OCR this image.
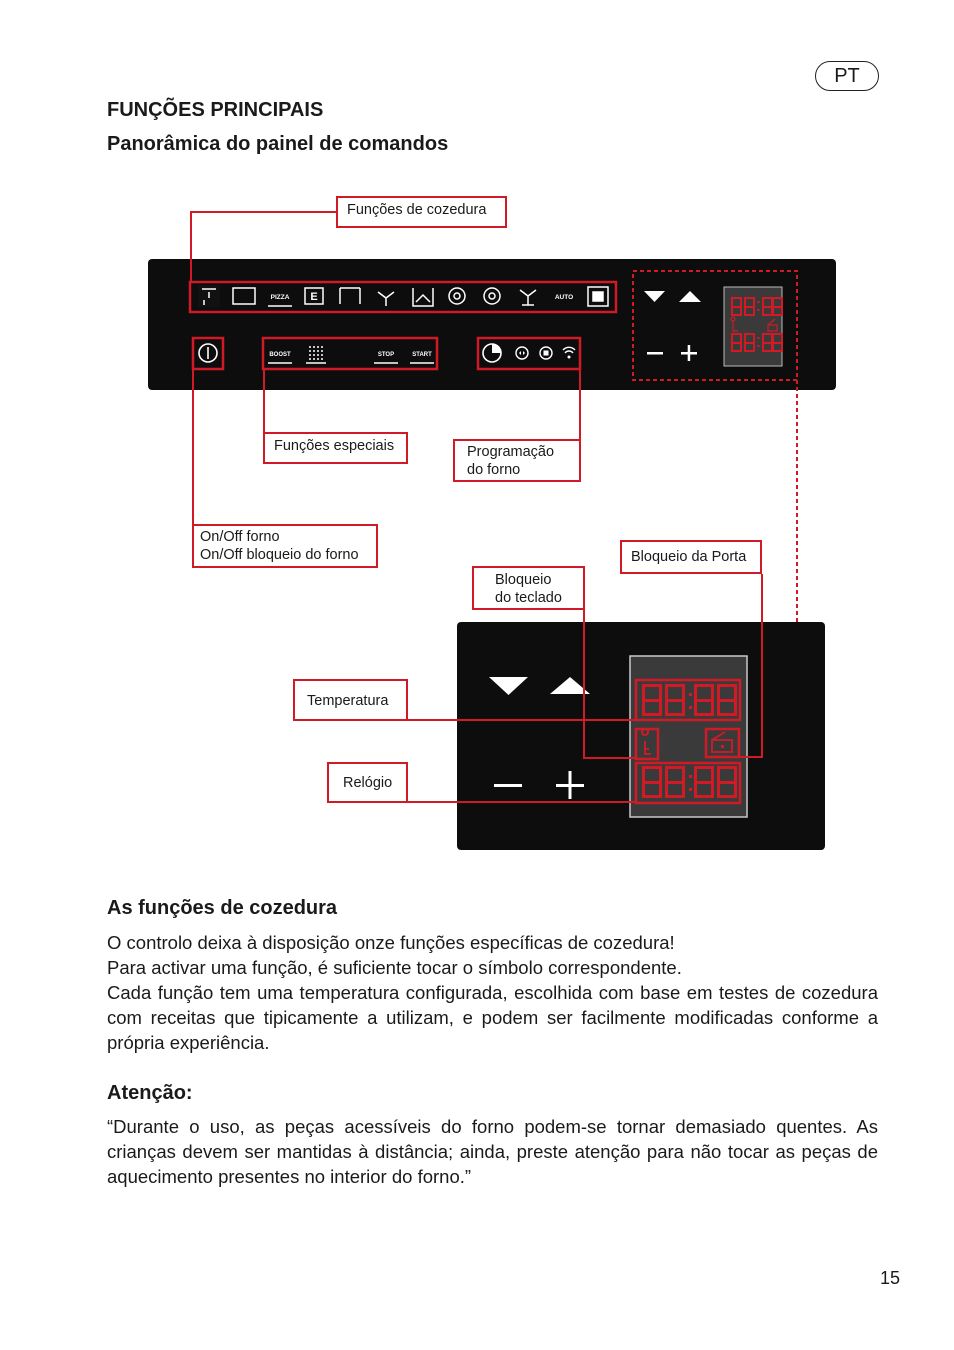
PT
FUNÇÕES PRINCIPAIS
Panorâmica do painel de comandos
PIZZA E	AUTO
BOOST	STOP	START
Funções de cozedura
Funções especiais	Programação
do forno
On/Off forno
On/Off bloqueio do forno	Bloqueio da Porta
Bloqueio
do teclado
Temperatura
Relógio
As funções de cozedura

O controlo deixa à disposição onze funções específicas de cozedura!

Para activar uma função, é suficiente tocar o símbolo correspondente.

Cada função tem uma temperatura configurada, escolhida com base em testes de cozedura com receitas que tipicamente a utilizam, e podem ser facilmente modificadas conforme a própria experiência.

Atenção:

“Durante o uso, as peças acessíveis do forno podem-se tornar demasiado quentes. As crianças devem ser mantidas à distância; ainda, preste atenção para não tocar as peças de aquecimento presentes no interior do forno.”

15
